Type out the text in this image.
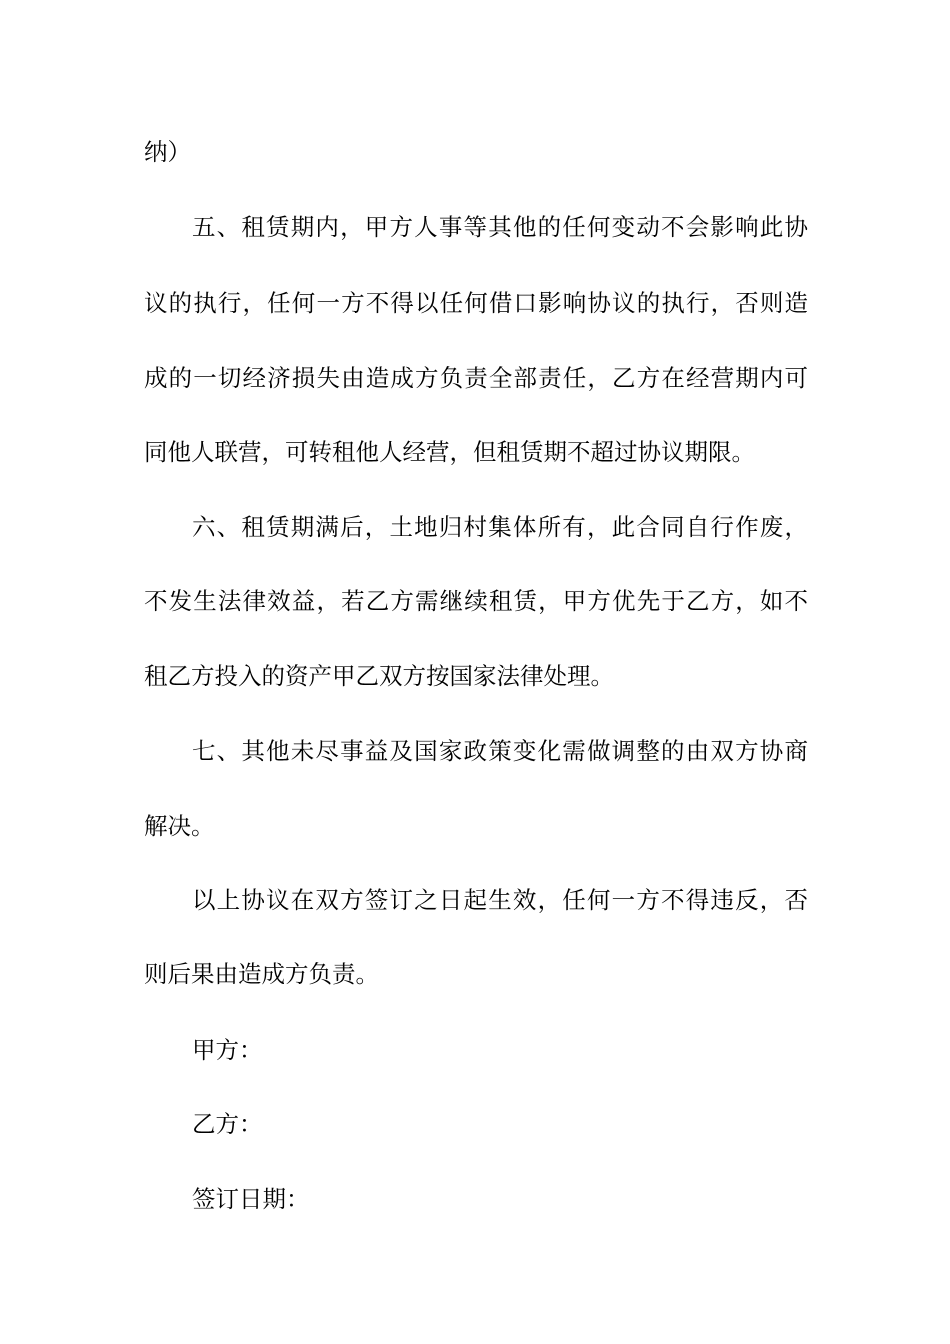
纳）
五、租赁期内，甲方人事等其他的任何变动不会影响此协
议的执行，任何一方不得以任何借口影响协议的执行，否则造
成的一切经济损失由造成方负责全部责任，乙方在经营期内可
同他人联营，可转租他人经营，但租赁期不超过协议期限。
六、租赁期满后，土地归村集体所有，此合同自行作废，
不发生法律效益，若乙方需继续租赁，甲方优先于乙方，如不
租乙方投入的资产甲乙双方按国家法律处理。
七、其他未尽事益及国家政策变化需做调整的由双方协商
解决。
以上协议在双方签订之日起生效，任何一方不得违反，否
则后果由造成方负责。
甲方：
乙方：
签订日期：
